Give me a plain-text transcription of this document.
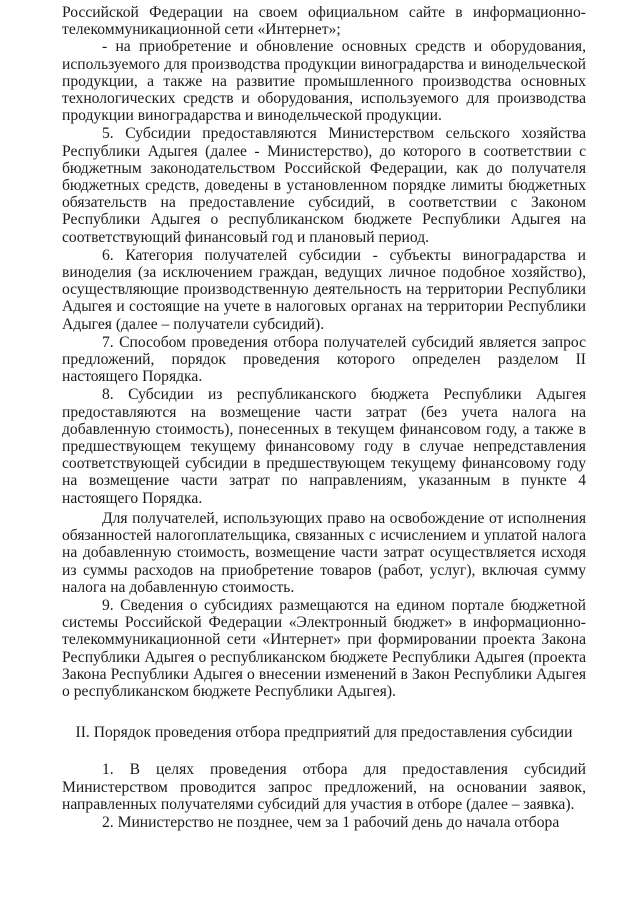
Российской Федерации на своем официальном сайте в информационно-телекоммуникационной сети «Интернет»;

- на приобретение и обновление основных средств и оборудования, используемого для производства продукции виноградарства и винодельческой продукции, а также на развитие промышленного производства основных технологических средств и оборудования, используемого для производства продукции виноградарства и винодельческой продукции.

5. Субсидии предоставляются Министерством сельского хозяйства Республики Адыгея (далее - Министерство), до которого в соответствии с бюджетным законодательством Российской Федерации, как до получателя бюджетных средств, доведены в установленном порядке лимиты бюджетных обязательств на предоставление субсидий, в соответствии с Законом Республики Адыгея о республиканском бюджете Республики Адыгея на соответствующий финансовый год и плановый период.

6. Категория получателей субсидии - субъекты виноградарства и виноделия (за исключением граждан, ведущих личное подобное хозяйство), осуществляющие производственную деятельность на территории Республики Адыгея и состоящие на учете в налоговых органах на территории Республики Адыгея (далее – получатели субсидий).

7. Способом проведения отбора получателей субсидий является запрос предложений, порядок проведения которого определен разделом II настоящего Порядка.

8. Субсидии из республиканского бюджета Республики Адыгея предоставляются на возмещение части затрат (без учета налога на добавленную стоимость), понесенных в текущем финансовом году, а также в предшествующем текущему финансовому году в случае непредставления соответствующей субсидии в предшествующем текущему финансовому году на возмещение части затрат по направлениям, указанным в пункте 4 настоящего Порядка.

Для получателей, использующих право на освобождение от исполнения обязанностей налогоплательщика, связанных с исчислением и уплатой налога на добавленную стоимость, возмещение части затрат осуществляется исходя из суммы расходов на приобретение товаров (работ, услуг), включая сумму налога на добавленную стоимость.

9. Сведения о субсидиях размещаются на едином портале бюджетной системы Российской Федерации «Электронный бюджет» в информационно-телекоммуникационной сети «Интернет» при формировании проекта Закона Республики Адыгея о республиканском бюджете Республики Адыгея (проекта Закона Республики Адыгея о внесении изменений в Закон Республики Адыгея о республиканском бюджете Республики Адыгея).

II. Порядок проведения отбора предприятий для предоставления субсидии

1. В целях проведения отбора для предоставления субсидий Министерством проводится запрос предложений, на основании заявок, направленных получателями субсидий для участия в отборе (далее – заявка).

2. Министерство не позднее, чем за 1 рабочий день до начала отбора
